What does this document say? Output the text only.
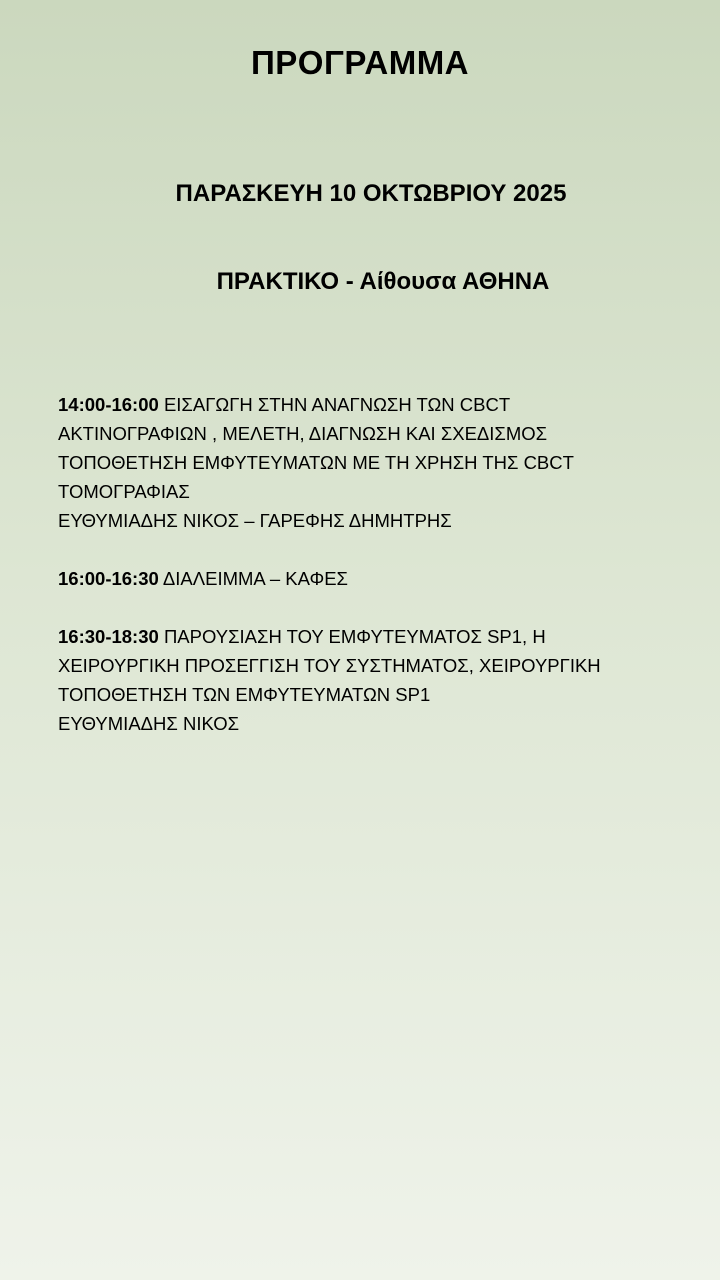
ΠΡΟΓΡΑΜΜΑ
ΠΑΡΑΣΚΕΥΗ 10 ΟΚΤΩΒΡΙΟΥ 2025
ΠΡΑΚΤΙΚΟ - Αίθουσα ΑΘΗΝΑ

14:00-16:00 ΕΙΣΑΓΩΓΗ ΣΤΗΝ ΑΝΑΓΝΩΣΗ ΤΩΝ CBCT

ΑΚΤΙΝΟΓΡΑΦΙΩΝ , ΜΕΛΕΤΗ, ΔΙΑΓΝΩΣΗ ΚΑΙ ΣΧΕΔΙΣΜΟΣ

ΤΟΠΟΘΕΤΗΣΗ ΕΜΦΥΤΕΥΜΑΤΩΝ ΜΕ ΤΗ ΧΡΗΣΗ ΤΗΣ CBCT

ΤΟΜΟΓΡΑΦΙΑΣ

ΕΥΘΥΜΙΑΔΗΣ ΝΙΚΟΣ – ΓΑΡΕΦΗΣ ΔΗΜΗΤΡΗΣ

16:00-16:30 ΔΙΑΛΕΙΜΜΑ – ΚΑΦΕΣ

16:30-18:30 ΠΑΡΟΥΣΙΑΣΗ ΤΟΥ ΕΜΦΥΤΕΥΜΑΤΟΣ SP1, Η

ΧΕΙΡΟΥΡΓΙΚΗ ΠΡΟΣΕΓΓΙΣΗ ΤΟΥ ΣΥΣΤΗΜΑΤΟΣ, ΧΕΙΡΟΥΡΓΙΚΗ

ΤΟΠΟΘΕΤΗΣΗ ΤΩΝ ΕΜΦΥΤΕΥΜΑΤΩΝ SP1

ΕΥΘΥΜΙΑΔΗΣ ΝΙΚΟΣ
